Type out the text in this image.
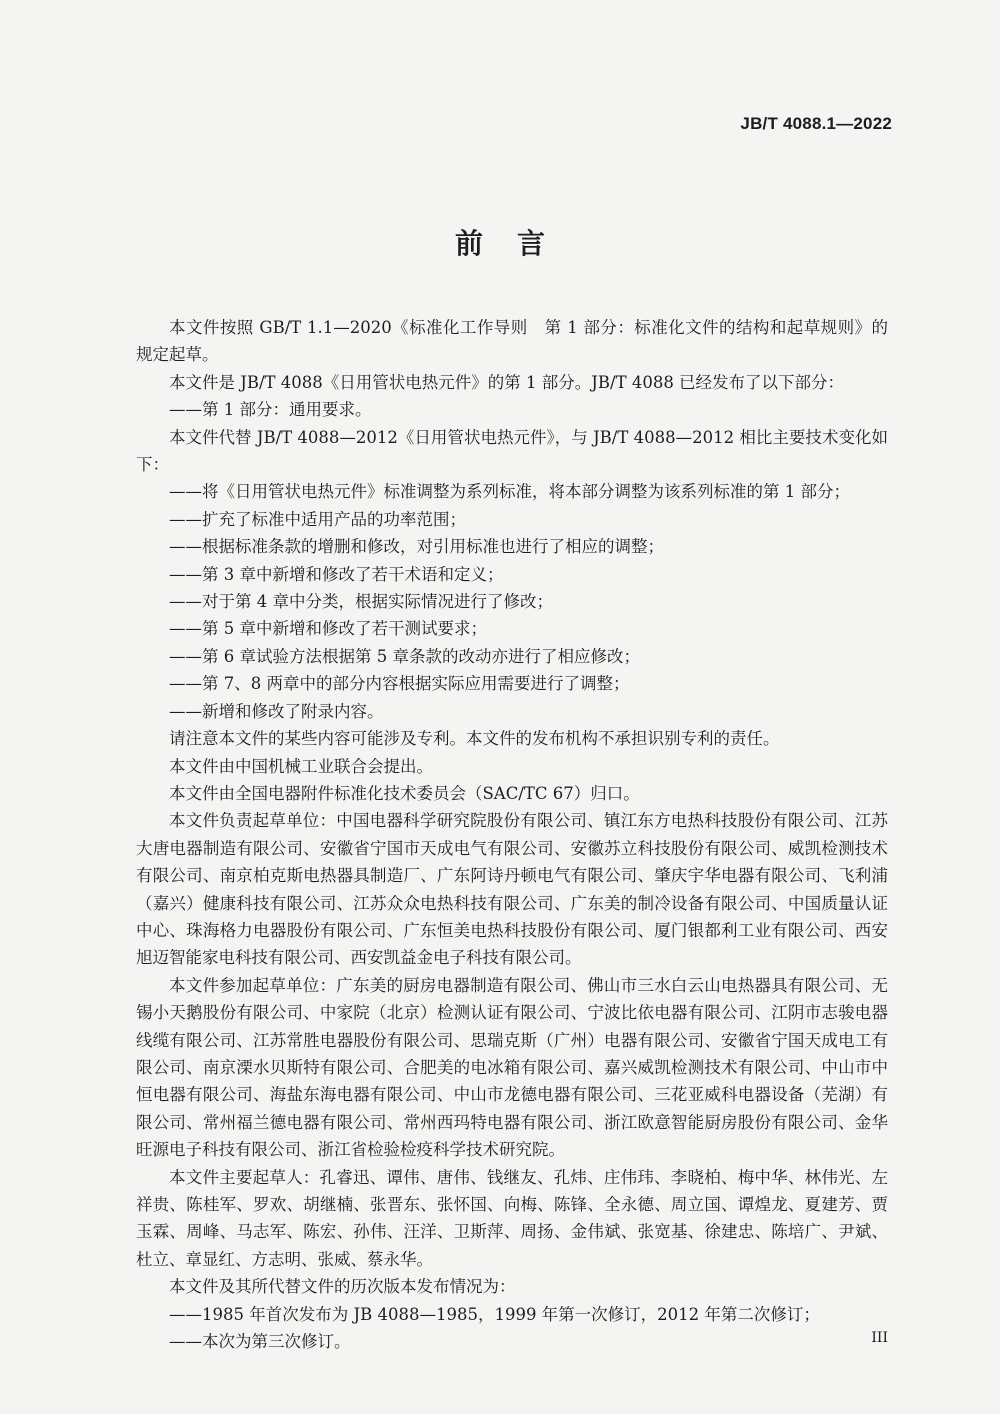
JB/T 4088.1—2022
前言

本文件按照 GB/T 1.1—2020《标准化工作导则　第 1 部分：标准化文件的结构和起草规则》的规定起草。

本文件是 JB/T 4088《日用管状电热元件》的第 1 部分。JB/T 4088 已经发布了以下部分：

——第 1 部分：通用要求。

本文件代替 JB/T 4088—2012《日用管状电热元件》，与 JB/T 4088—2012 相比主要技术变化如下：

——将《日用管状电热元件》标准调整为系列标准，将本部分调整为该系列标准的第 1 部分；

——扩充了标准中适用产品的功率范围；

——根据标准条款的增删和修改，对引用标准也进行了相应的调整；

——第 3 章中新增和修改了若干术语和定义；

——对于第 4 章中分类，根据实际情况进行了修改；

——第 5 章中新增和修改了若干测试要求；

——第 6 章试验方法根据第 5 章条款的改动亦进行了相应修改；

——第 7、8 两章中的部分内容根据实际应用需要进行了调整；

——新增和修改了附录内容。

请注意本文件的某些内容可能涉及专利。本文件的发布机构不承担识别专利的责任。

本文件由中国机械工业联合会提出。

本文件由全国电器附件标准化技术委员会（SAC/TC 67）归口。

本文件负责起草单位：中国电器科学研究院股份有限公司、镇江东方电热科技股份有限公司、江苏大唐电器制造有限公司、安徽省宁国市天成电气有限公司、安徽苏立科技股份有限公司、威凯检测技术有限公司、南京柏克斯电热器具制造厂、广东阿诗丹顿电气有限公司、肇庆宇华电器有限公司、飞利浦（嘉兴）健康科技有限公司、江苏众众电热科技有限公司、广东美的制冷设备有限公司、中国质量认证中心、珠海格力电器股份有限公司、广东恒美电热科技股份有限公司、厦门银都利工业有限公司、西安旭迈智能家电科技有限公司、西安凯益金电子科技有限公司。

本文件参加起草单位：广东美的厨房电器制造有限公司、佛山市三水白云山电热器具有限公司、无锡小天鹅股份有限公司、中家院（北京）检测认证有限公司、宁波比依电器有限公司、江阴市志骏电器线缆有限公司、江苏常胜电器股份有限公司、思瑞克斯（广州）电器有限公司、安徽省宁国天成电工有限公司、南京溧水贝斯特有限公司、合肥美的电冰箱有限公司、嘉兴威凯检测技术有限公司、中山市中恒电器有限公司、海盐东海电器有限公司、中山市龙德电器有限公司、三花亚威科电器设备（芜湖）有限公司、常州福兰德电器有限公司、常州西玛特电器有限公司、浙江欧意智能厨房股份有限公司、金华旺源电子科技有限公司、浙江省检验检疫科学技术研究院。

本文件主要起草人：孔睿迅、谭伟、唐伟、钱继友、孔炜、庄伟玮、李晓柏、梅中华、林伟光、左祥贵、陈桂军、罗欢、胡继楠、张晋东、张怀国、向梅、陈锋、全永德、周立国、谭煌龙、夏建芳、贾玉霖、周峰、马志军、陈宏、孙伟、汪洋、卫斯萍、周扬、金伟斌、张宽基、徐建忠、陈培广、尹斌、杜立、章显红、方志明、张威、蔡永华。

本文件及其所代替文件的历次版本发布情况为：

——1985 年首次发布为 JB 4088—1985，1999 年第一次修订，2012 年第二次修订；

——本次为第三次修订。	III
